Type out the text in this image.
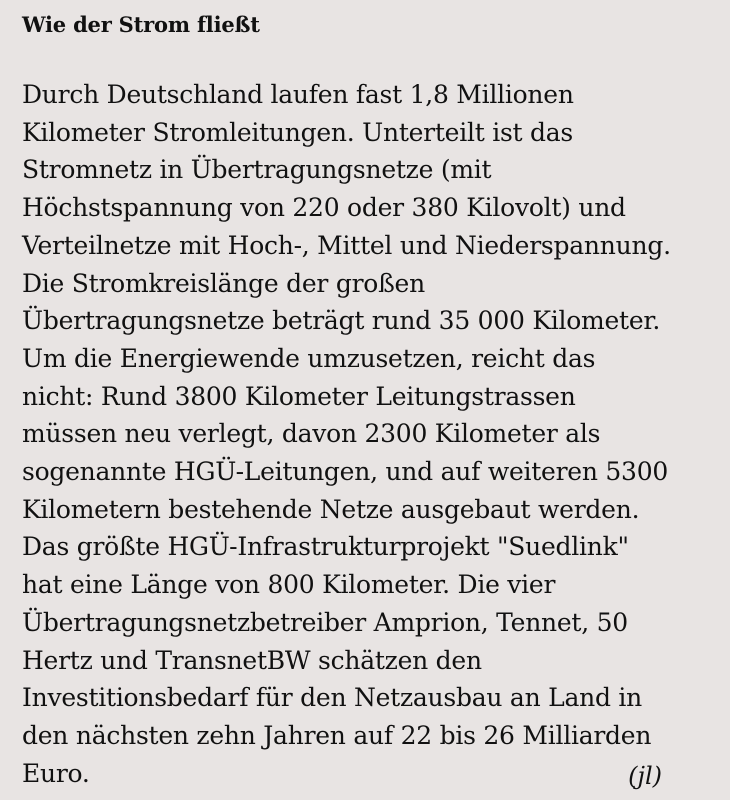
Wie der Strom fließt
Durch Deutschland laufen fast 1,8 Millionen
Kilometer Stromleitungen. Unterteilt ist das
Stromnetz in Übertragungsnetze (mit
Höchstspannung von 220 oder 380 Kilovolt) und
Verteilnetze mit Hoch-, Mittel und Niederspannung.
Die Stromkreislänge der großen
Übertragungsnetze beträgt rund 35 000 Kilometer.
Um die Energiewende umzusetzen, reicht das
nicht: Rund 3800 Kilometer Leitungstrassen
müssen neu verlegt, davon 2300 Kilometer als
sogenannte HGÜ-Leitungen, und auf weiteren 5300
Kilometern bestehende Netze ausgebaut werden.
Das größte HGÜ-Infrastrukturprojekt "Suedlink"
hat eine Länge von 800 Kilometer. Die vier
Übertragungsnetzbetreiber Amprion, Tennet, 50
Hertz und TransnetBW schätzen den
Investitionsbedarf für den Netzausbau an Land in
den nächsten zehn Jahren auf 22 bis 26 Milliarden
Euro.	(jl)
